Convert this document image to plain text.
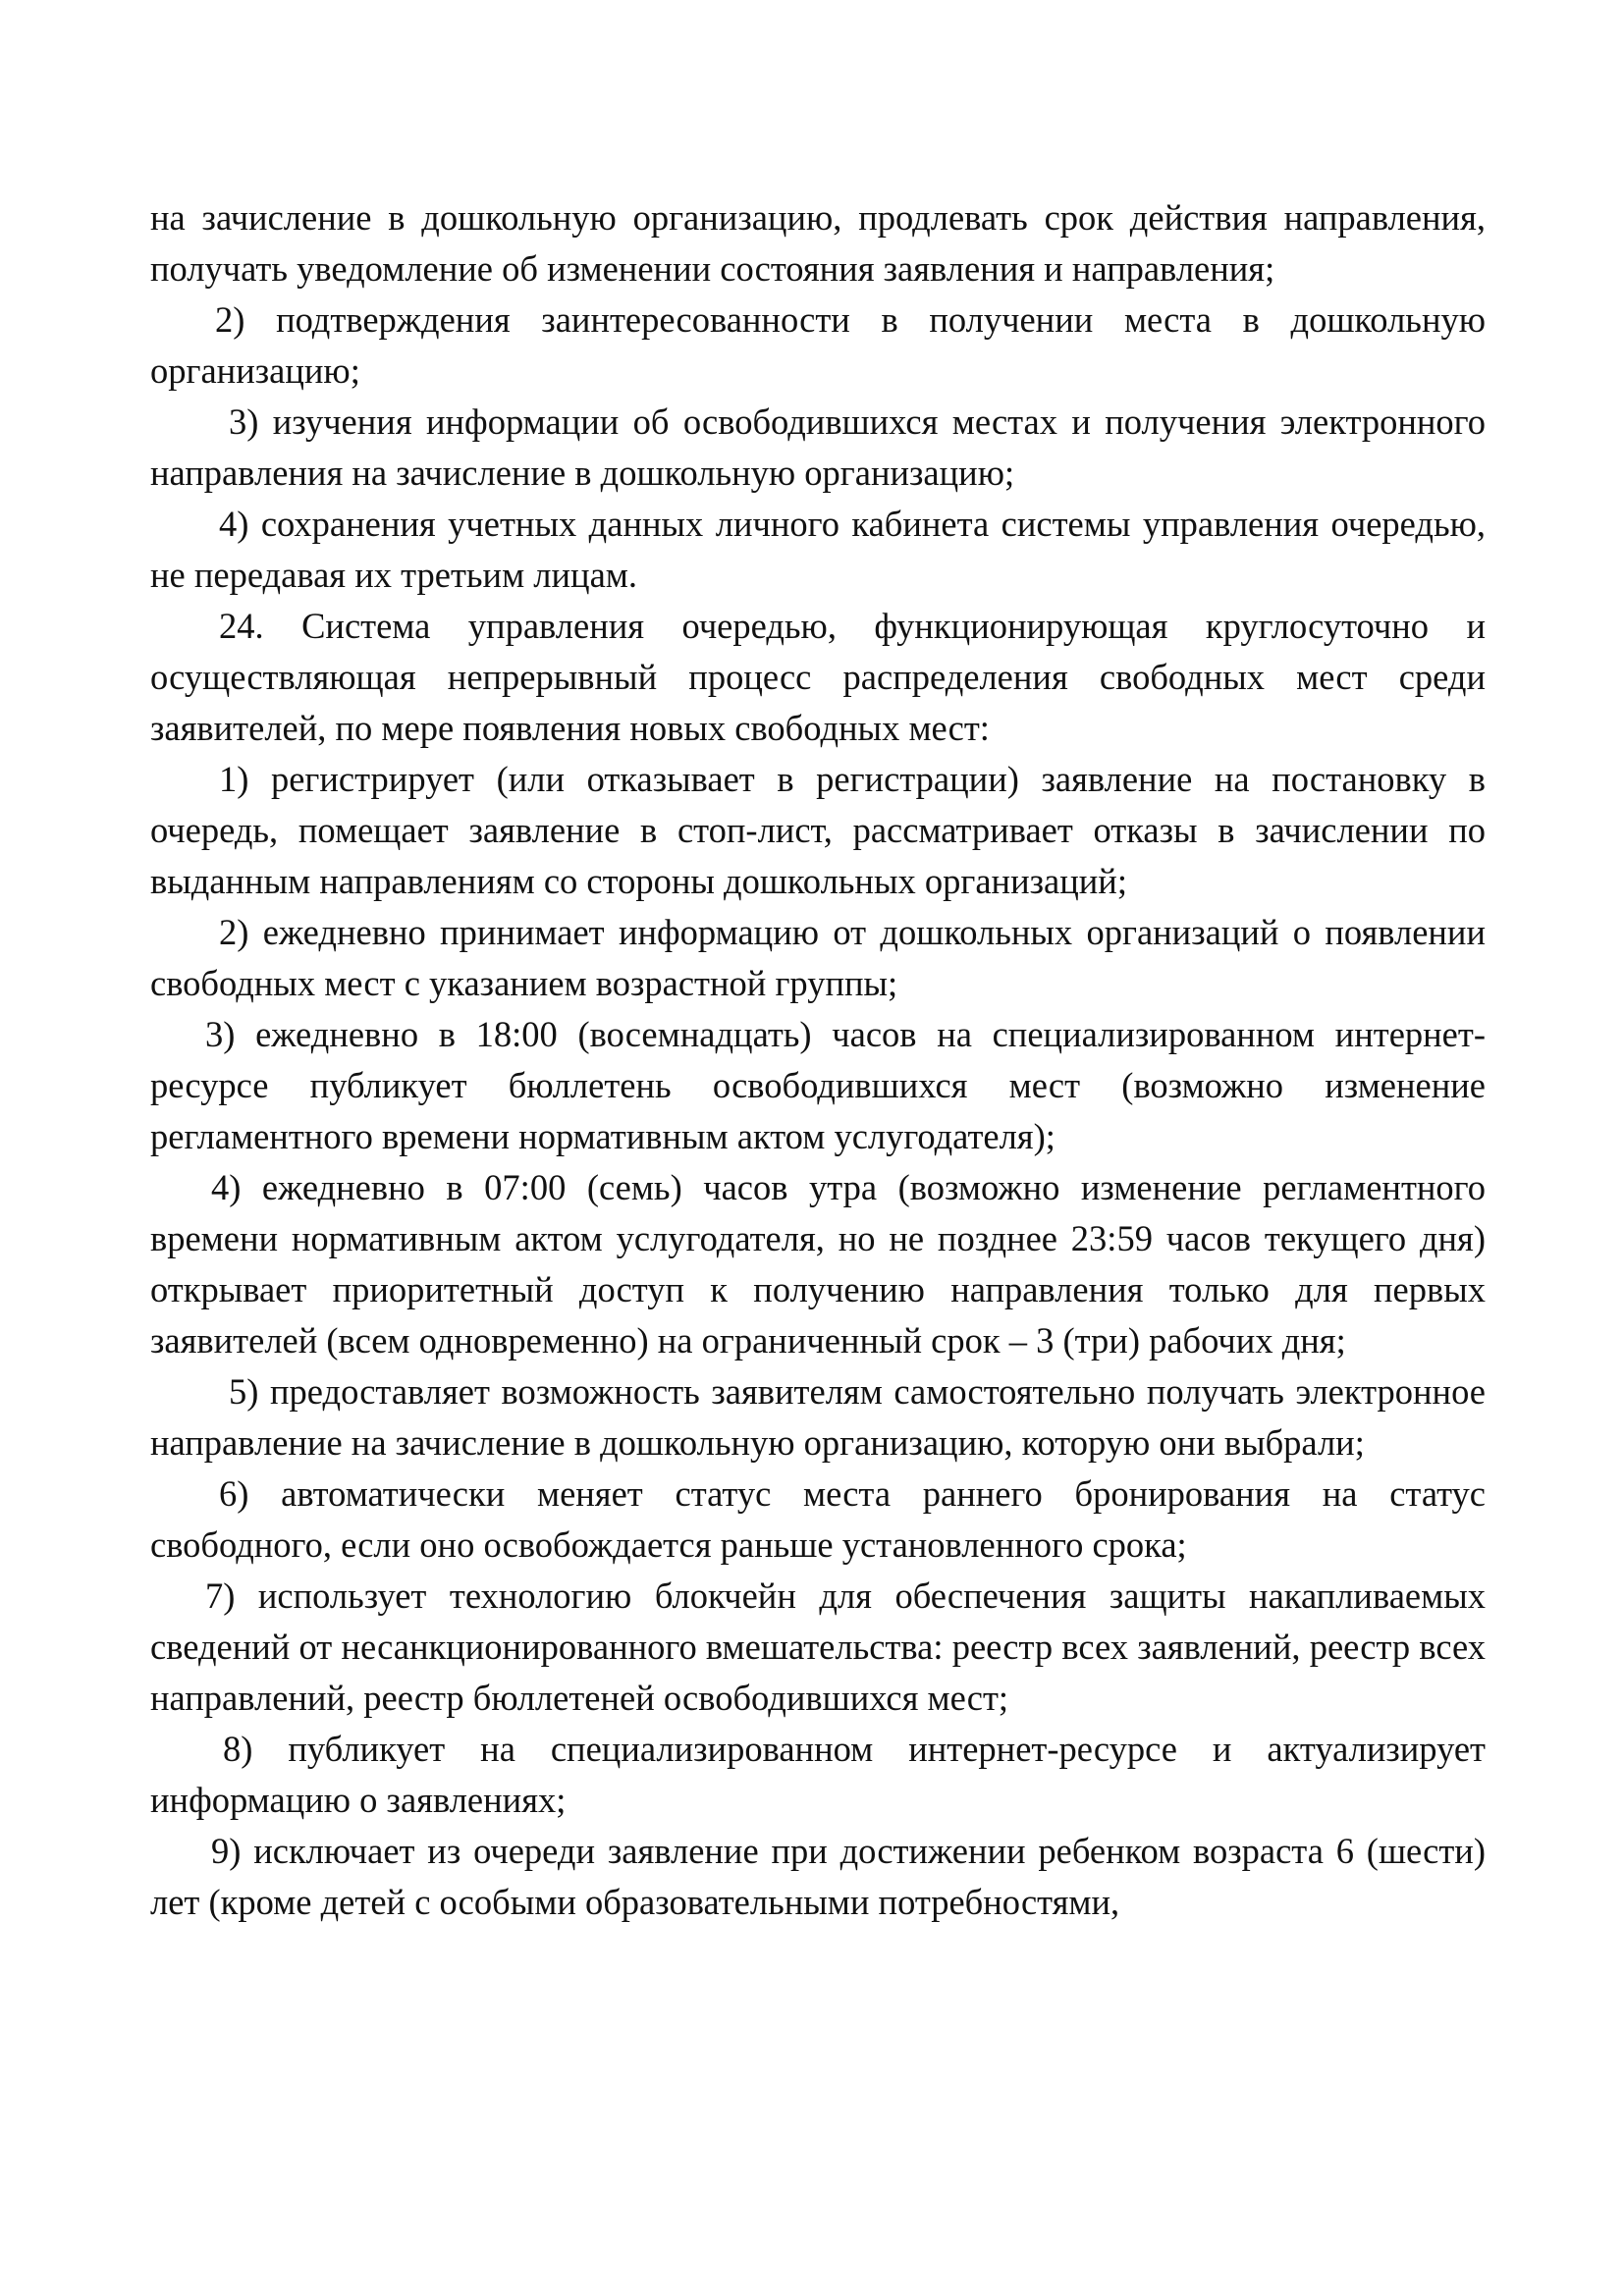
на зачисление в дошкольную организацию, продлевать срок действия направления, получать уведомление об изменении состояния заявления и направления;

2) подтверждения заинтересованности в получении места в дошкольную организацию;

3) изучения информации об освободившихся местах и получения электронного направления на зачисление в дошкольную организацию;

4) сохранения учетных данных личного кабинета системы управления очередью, не передавая их третьим лицам.

24. Система управления очередью, функционирующая круглосуточно и осуществляющая непрерывный процесс распределения свободных мест среди заявителей, по мере появления новых свободных мест:

1) регистрирует (или отказывает в регистрации) заявление на постановку в очередь, помещает заявление в стоп-лист, рассматривает отказы в зачислении по выданным направлениям со стороны дошкольных организаций;

2) ежедневно принимает информацию от дошкольных организаций о появлении свободных мест с указанием возрастной группы;

3) ежедневно в 18:00 (восемнадцать) часов на специализированном интернет-ресурсе публикует бюллетень освободившихся мест (возможно изменение регламентного времени нормативным актом услугодателя);

4) ежедневно в 07:00 (семь) часов утра (возможно изменение регламентного времени нормативным актом услугодателя, но не позднее 23:59 часов текущего дня) открывает приоритетный доступ к получению направления только для первых заявителей (всем одновременно) на ограниченный срок – 3 (три) рабочих дня;

5) предоставляет возможность заявителям самостоятельно получать электронное направление на зачисление в дошкольную организацию, которую они выбрали;

6) автоматически меняет статус места раннего бронирования на статус свободного, если оно освобождается раньше установленного срока;

7) использует технологию блокчейн для обеспечения защиты накапливаемых сведений от несанкционированного вмешательства: реестр всех заявлений, реестр всех направлений, реестр бюллетеней освободившихся мест;

8) публикует на специализированном интернет-ресурсе и актуализирует информацию о заявлениях;

9) исключает из очереди заявление при достижении ребенком возраста 6 (шести) лет (кроме детей с особыми образовательными потребностями,
